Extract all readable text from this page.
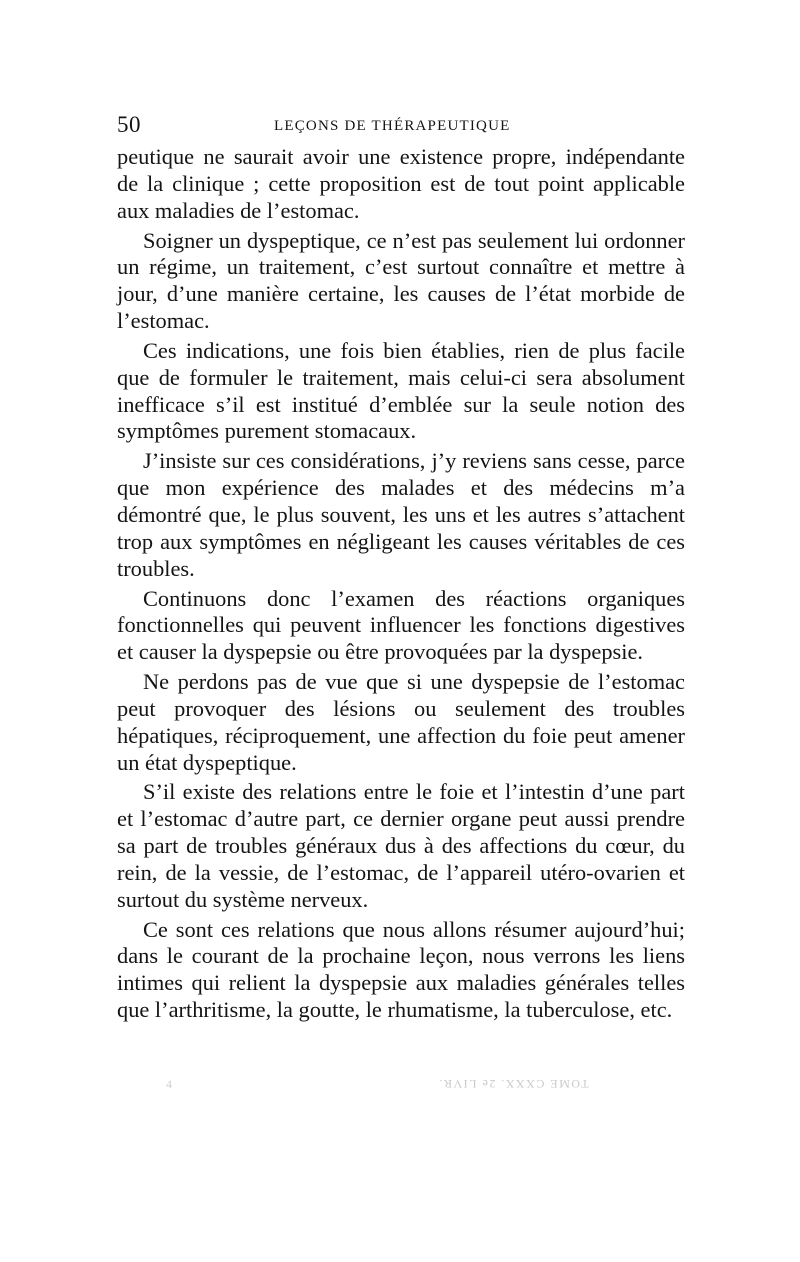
50	LEÇONS DE THÉRAPEUTIQUE

peutique ne saurait avoir une existence propre, indépendante de la clinique ; cette proposition est de tout point applicable aux maladies de l’estomac.

Soigner un dyspeptique, ce n’est pas seulement lui ordonner un régime, un traitement, c’est surtout connaître et mettre à jour, d’une manière certaine, les causes de l’état morbide de l’estomac.

Ces indications, une fois bien établies, rien de plus facile que de formuler le traitement, mais celui-ci sera absolument inefficace s’il est institué d’emblée sur la seule notion des symptômes purement stomacaux.

J’insiste sur ces considérations, j’y reviens sans cesse, parce que mon expérience des malades et des médecins m’a démontré que, le plus souvent, les uns et les autres s’attachent trop aux symptômes en négligeant les causes véritables de ces troubles.

Continuons donc l’examen des réactions organiques fonctionnelles qui peuvent influencer les fonctions digestives et causer la dyspepsie ou être provoquées par la dyspepsie.

Ne perdons pas de vue que si une dyspepsie de l’estomac peut provoquer des lésions ou seulement des troubles hépatiques, réciproquement, une affection du foie peut amener un état dyspeptique.

S’il existe des relations entre le foie et l’intestin d’une part et l’estomac d’autre part, ce dernier organe peut aussi prendre sa part de troubles généraux dus à des affections du cœur, du rein, de la vessie, de l’estomac, de l’appareil utéro-ovarien et surtout du système nerveux.

Ce sont ces relations que nous allons résumer aujourd’hui; dans le courant de la prochaine leçon, nous verrons les liens intimes qui relient la dyspepsie aux maladies générales telles que l’arthritisme, la goutte, le rhumatisme, la tuberculose, etc.

4	TOME CXXX. 2e LIVR.
